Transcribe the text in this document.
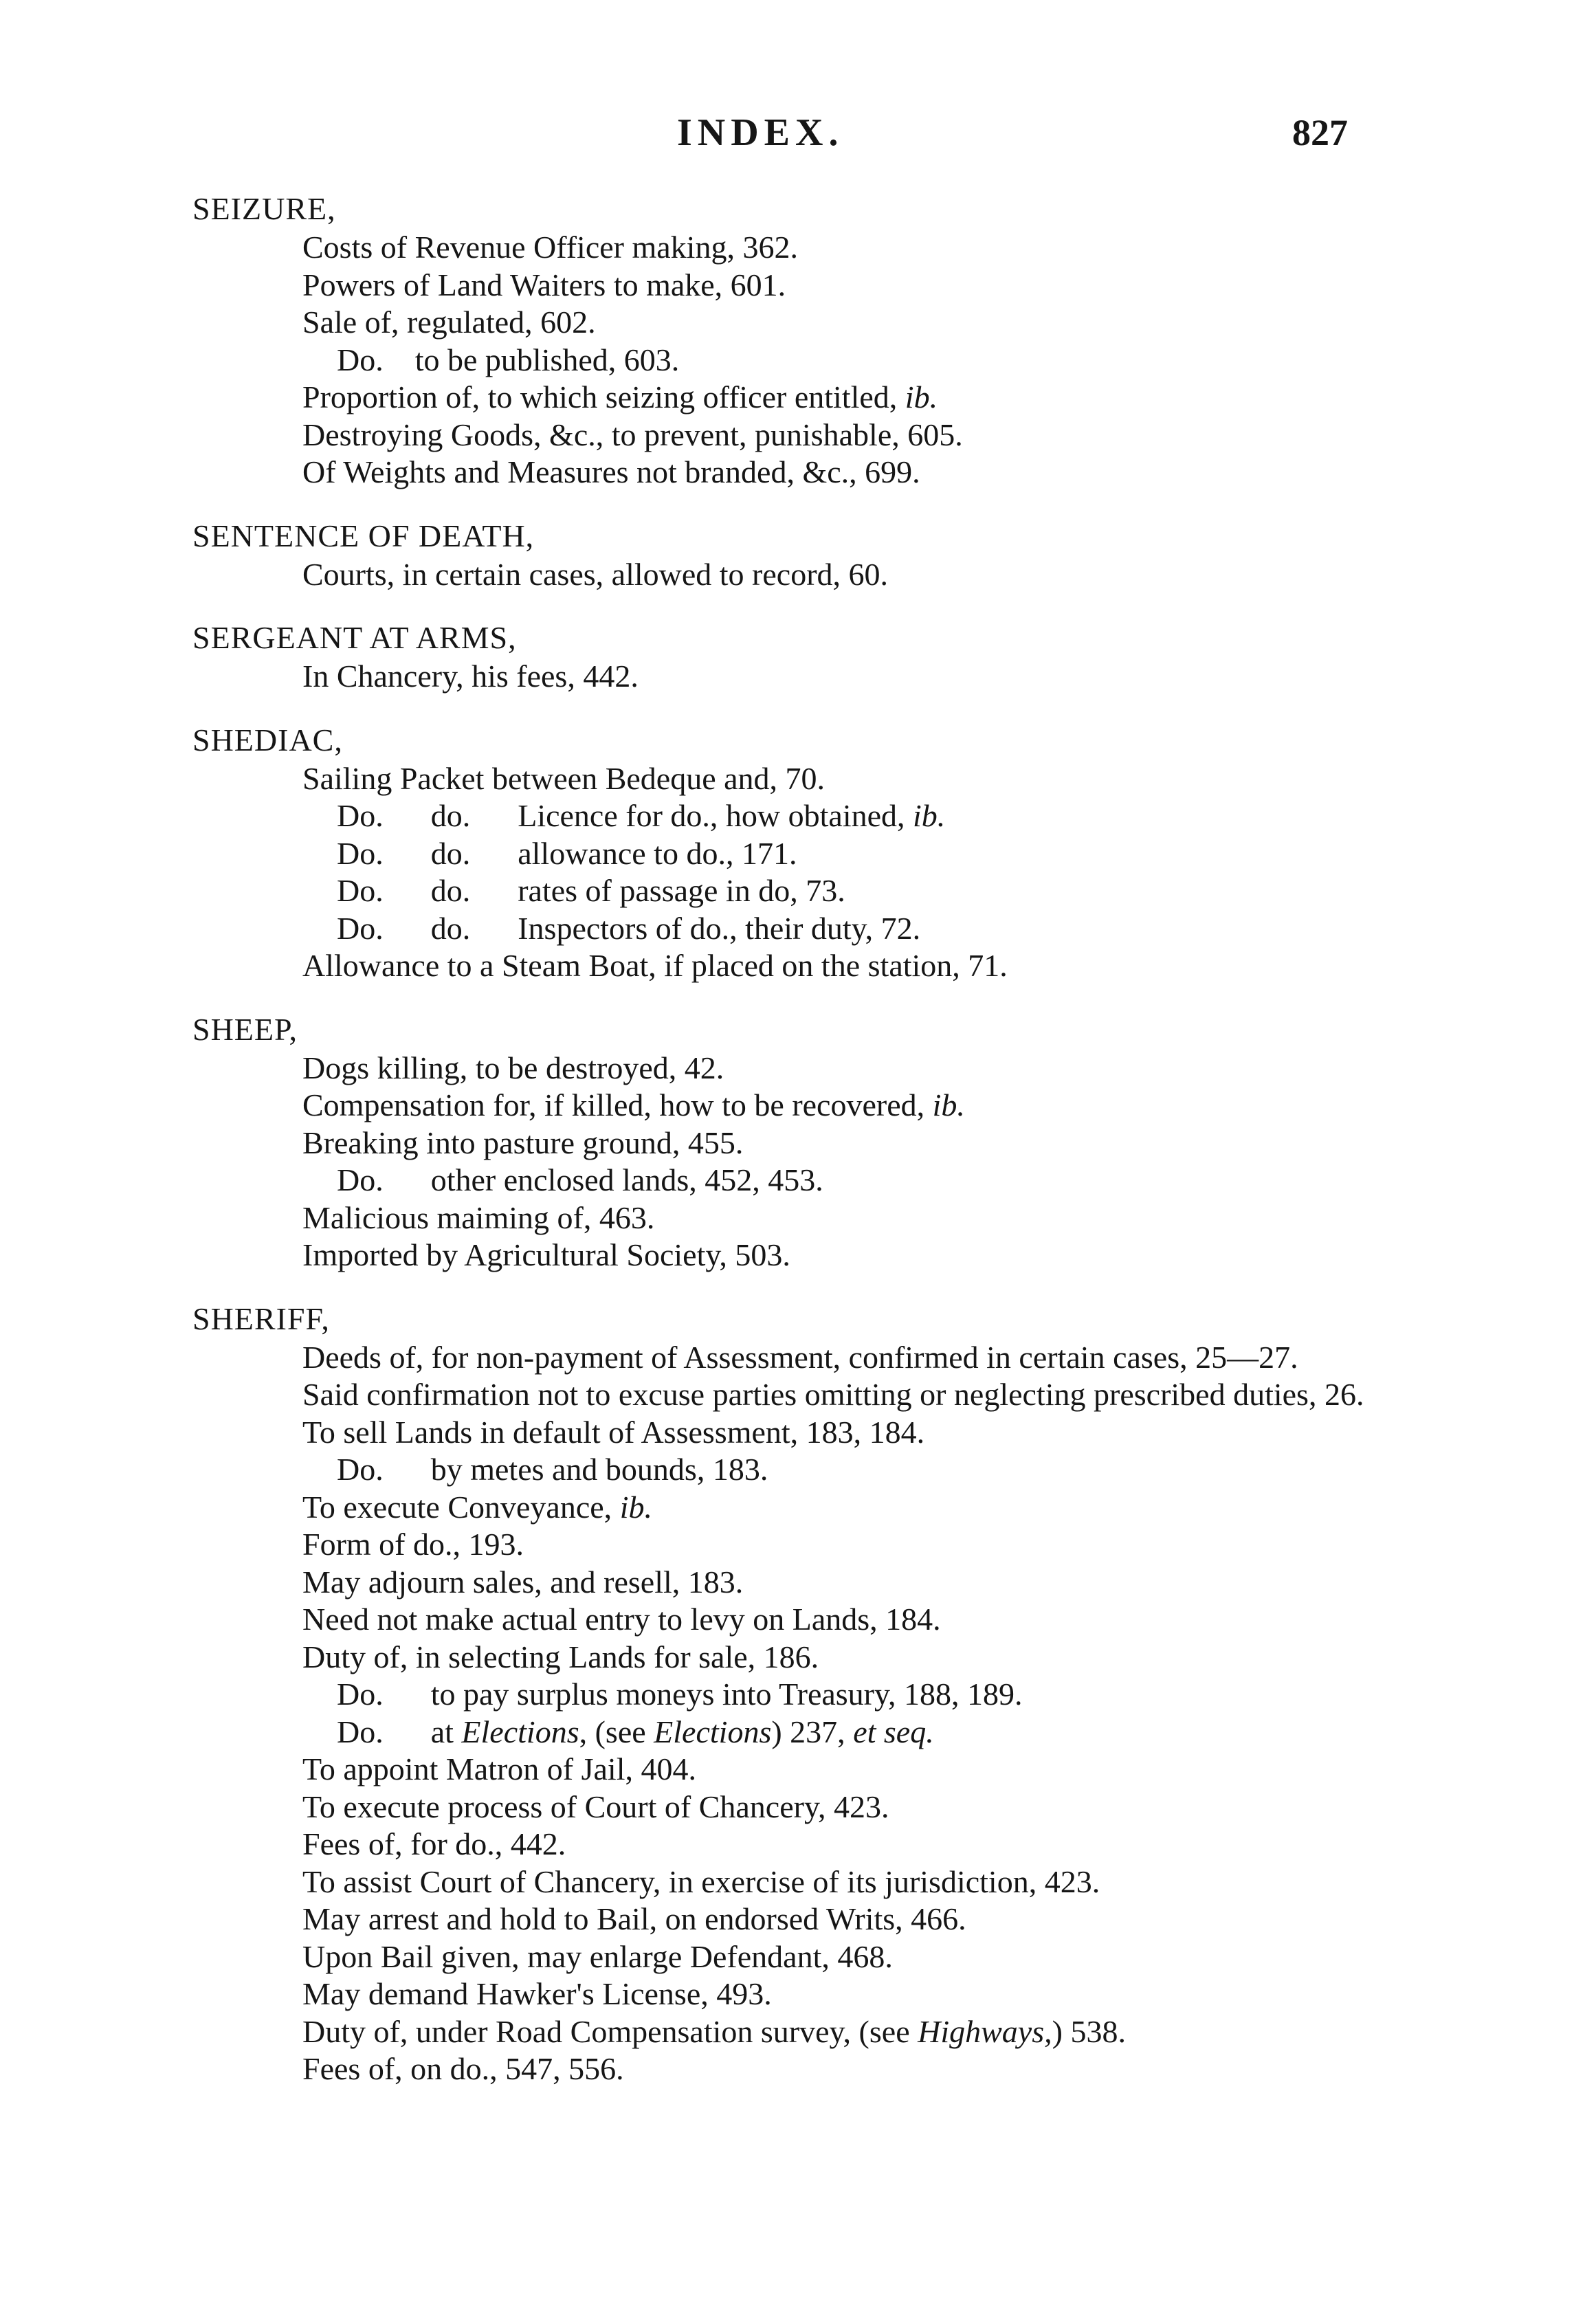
INDEX.	827
SEIZURE,
Costs of Revenue Officer making, 362.
Powers of Land Waiters to make, 601.
Sale of, regulated, 602.
Do.    to be published, 603.
Proportion of, to which seizing officer entitled, ib.
Destroying Goods, &c., to prevent, punishable, 605.
Of Weights and Measures not branded, &c., 699.
SENTENCE OF DEATH,
Courts, in certain cases, allowed to record, 60.
SERGEANT AT ARMS,
In Chancery, his fees, 442.
SHEDIAC,
Sailing Packet between Bedeque and, 70.
Do.      do.      Licence for do., how obtained, ib.
Do.      do.      allowance to do., 171.
Do.      do.      rates of passage in do, 73.
Do.      do.      Inspectors of do., their duty, 72.
Allowance to a Steam Boat, if placed on the station, 71.
SHEEP,
Dogs killing, to be destroyed, 42.
Compensation for, if killed, how to be recovered, ib.
Breaking into pasture ground, 455.
Do.      other enclosed lands, 452, 453.
Malicious maiming of, 463.
Imported by Agricultural Society, 503.
SHERIFF,
Deeds of, for non-payment of Assessment, confirmed in certain cases, 25—27.
Said confirmation not to excuse parties omitting or neglecting prescribed duties, 26.
To sell Lands in default of Assessment, 183, 184.
Do.      by metes and bounds, 183.
To execute Conveyance, ib.
Form of do., 193.
May adjourn sales, and resell, 183.
Need not make actual entry to levy on Lands, 184.
Duty of, in selecting Lands for sale, 186.
Do.      to pay surplus moneys into Treasury, 188, 189.
Do.      at Elections, (see Elections) 237, et seq.
To appoint Matron of Jail, 404.
To execute process of Court of Chancery, 423.
Fees of, for do., 442.
To assist Court of Chancery, in exercise of its jurisdiction, 423.
May arrest and hold to Bail, on endorsed Writs, 466.
Upon Bail given, may enlarge Defendant, 468.
May demand Hawker's License, 493.
Duty of, under Road Compensation survey, (see Highways,) 538.
Fees of, on do., 547, 556.
